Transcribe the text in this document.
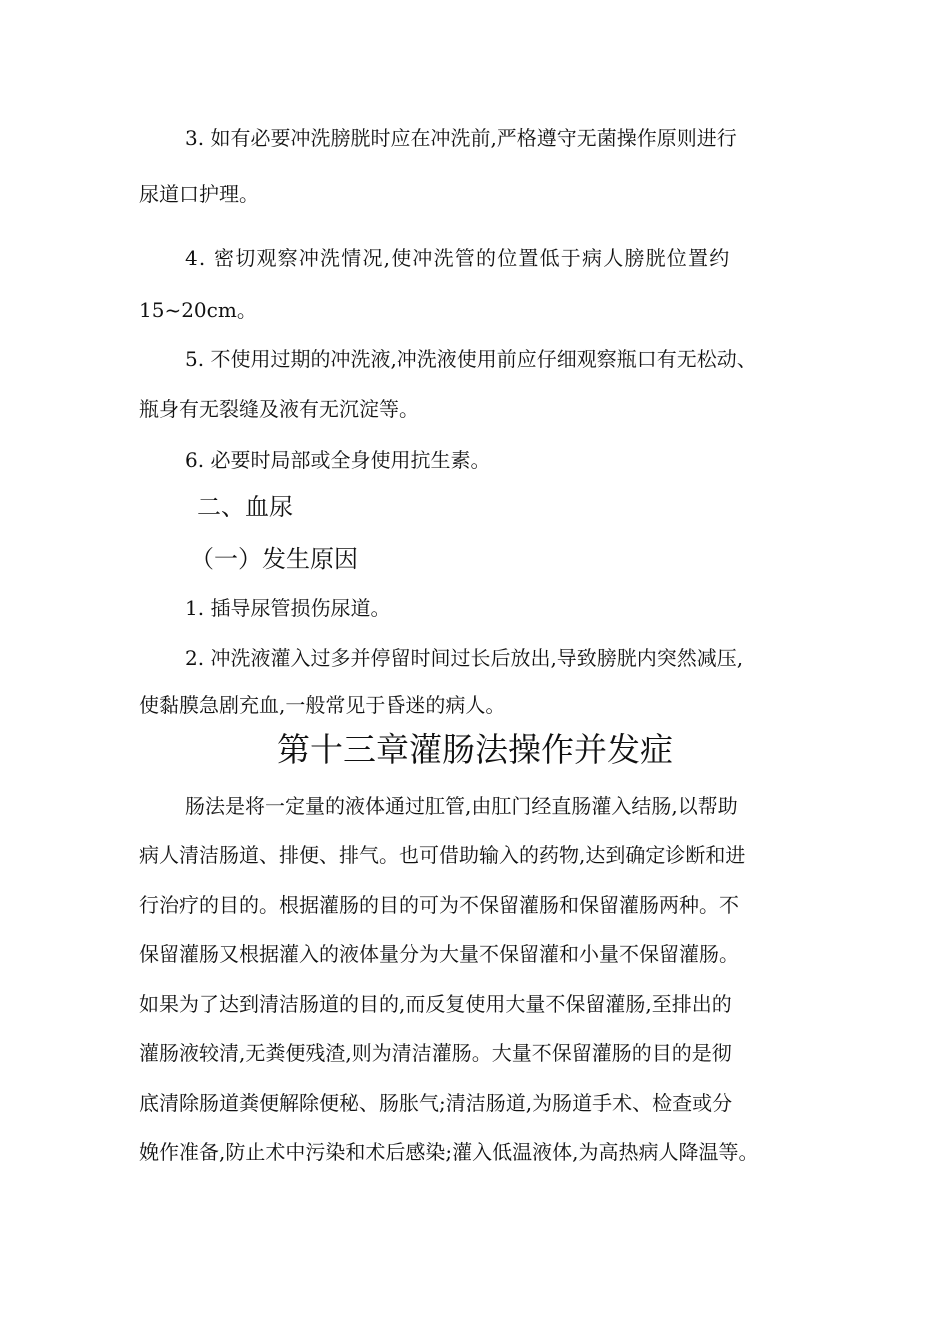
3. 如有必要冲洗膀胱时应在冲洗前,严格遵守无菌操作原则进行
尿道口护理。
4. 密切观察冲洗情况,使冲洗管的位置低于病人膀胱位置约
15~20cm。
5. 不使用过期的冲洗液,冲洗液使用前应仔细观察瓶口有无松动、
瓶身有无裂缝及液有无沉淀等。
6. 必要时局部或全身使用抗生素。
二、血尿
（一）发生原因
1. 插导尿管损伤尿道。
2. 冲洗液灌入过多并停留时间过长后放出,导致膀胱内突然减压,
使黏膜急剧充血,一般常见于昏迷的病人。
第十三章灌肠法操作并发症
肠法是将一定量的液体通过肛管,由肛门经直肠灌入结肠,以帮助
病人清洁肠道、排便、排气。也可借助输入的药物,达到确定诊断和进
行治疗的目的。根据灌肠的目的可为不保留灌肠和保留灌肠两种。不
保留灌肠又根据灌入的液体量分为大量不保留灌和小量不保留灌肠。
如果为了达到清洁肠道的目的,而反复使用大量不保留灌肠,至排出的
灌肠液较清,无粪便残渣,则为清洁灌肠。大量不保留灌肠的目的是彻
底清除肠道粪便解除便秘、肠胀气;清洁肠道,为肠道手术、检查或分
娩作准备,防止术中污染和术后感染;灌入低温液体,为高热病人降温等。
